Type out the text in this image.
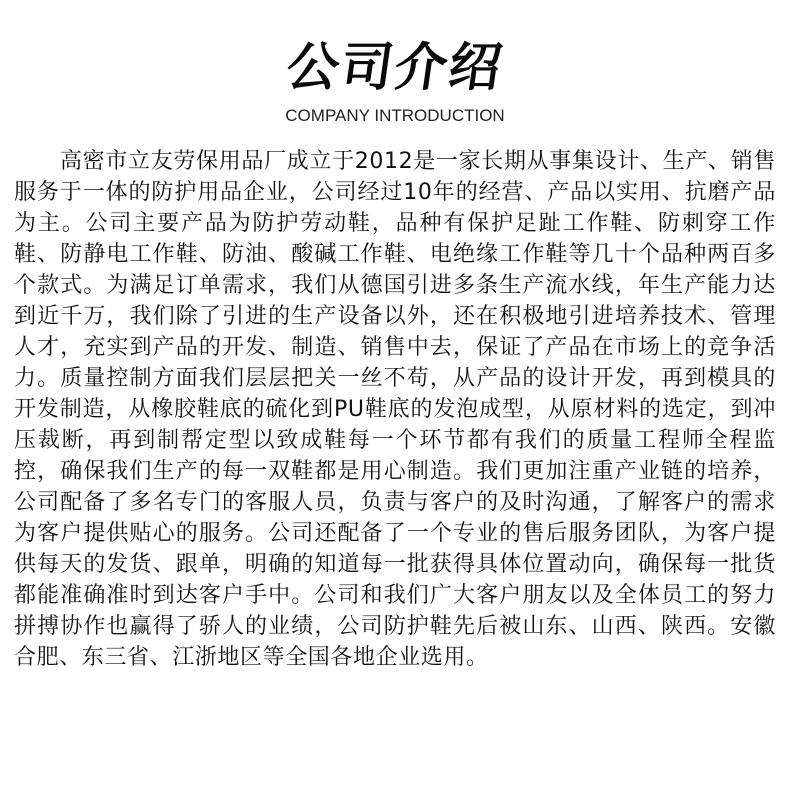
公司介绍
COMPANY INTRODUCTION

高密市立友劳保用品厂成立于2012是一家长期从事集设计、生产、销售服务于一体的防护用品企业，公司经过10年的经营、产品以实用、抗磨产品为主。公司主要产品为防护劳动鞋，品种有保护足趾工作鞋、防刺穿工作鞋、防静电工作鞋、防油、酸碱工作鞋、电绝缘工作鞋等几十个品种两百多个款式。为满足订单需求，我们从德国引进多条生产流水线，年生产能力达到近千万，我们除了引进的生产设备以外，还在积极地引进培养技术、管理人才，充实到产品的开发、制造、销售中去，保证了产品在市场上的竞争活力。质量控制方面我们层层把关一丝不苟，从产品的设计开发，再到模具的开发制造，从橡胶鞋底的硫化到PU鞋底的发泡成型，从原材料的选定，到冲压裁断，再到制帮定型以致成鞋每一个环节都有我们的质量工程师全程监控，确保我们生产的每一双鞋都是用心制造。我们更加注重产业链的培养，公司配备了多名专门的客服人员，负责与客户的及时沟通，了解客户的需求为客户提供贴心的服务。公司还配备了一个专业的售后服务团队，为客户提供每天的发货、跟单，明确的知道每一批获得具体位置动向，确保每一批货都能准确准时到达客户手中。公司和我们广大客户朋友以及全体员工的努力拼搏协作也赢得了骄人的业绩，公司防护鞋先后被山东、山西、陕西。安徽合肥、东三省、江浙地区等全国各地企业选用。
